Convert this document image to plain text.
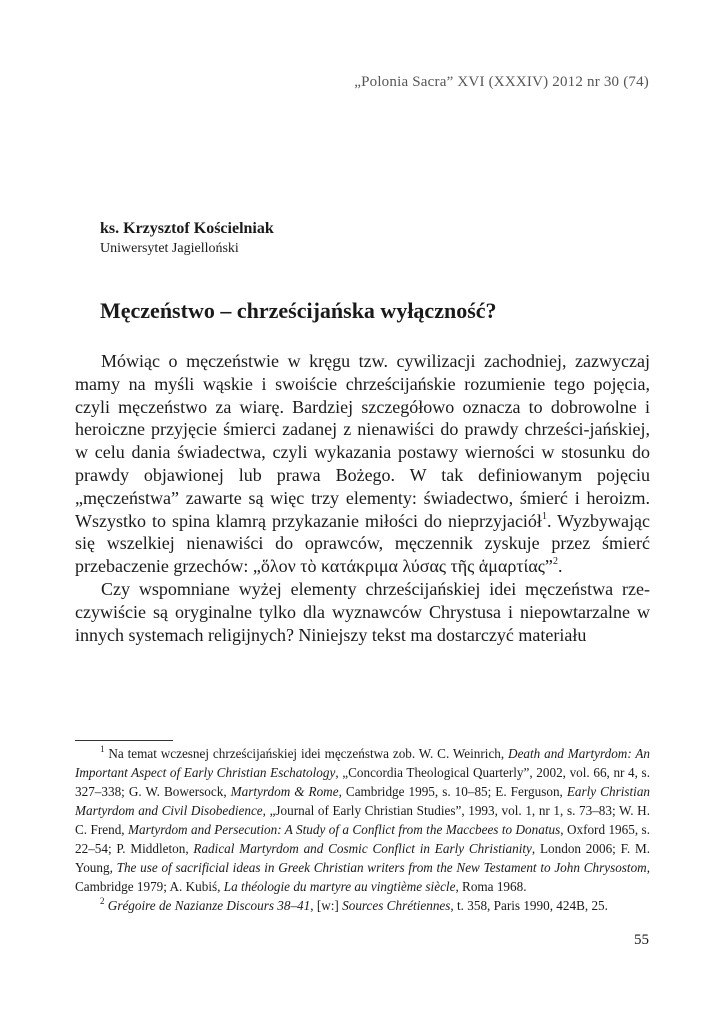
„Polonia Sacra” XVI (XXXIV) 2012 nr 30 (74)
ks. Krzysztof Kościelniak
Uniwersytet Jagielloński
Męczeństwo – chrześcijańska wyłączność?

Mówiąc o męczeństwie w kręgu tzw. cywilizacji zachodniej, zazwyczaj mamy na myśli wąskie i swoiście chrześcijańskie rozumienie tego pojęcia, czyli męczeństwo za wiarę. Bardziej szczegółowo oznacza to dobrowolne i heroiczne przyjęcie śmierci zadanej z nienawiści do prawdy chrześci-jańskiej, w celu dania świadectwa, czyli wykazania postawy wierności w stosunku do prawdy objawionej lub prawa Bożego. W tak definiowanym pojęciu „męczeństwa” zawarte są więc trzy elementy: świadectwo, śmierć i heroizm. Wszystko to spina klamrą przykazanie miłości do nieprzyjaciół$^1$. Wyzbywając się wszelkiej nienawiści do oprawców, męczennik zyskuje przez śmierć przebaczenie grzechów: „ὅλον τὸ κατάκριμα λύσας τῆς ἁμαρτίας”$^2$.

Czy wspomniane wyżej elementy chrześcijańskiej idei męczeństwa rze-czywiście są oryginalne tylko dla wyznawców Chrystusa i niepowtarzalne w innych systemach religijnych? Niniejszy tekst ma dostarczyć materiału

$^1$ Na temat wczesnej chrześcijańskiej idei męczeństwa zob. W. C. Weinrich, Death and Martyrdom: An Important Aspect of Early Christian Eschatology, „Concordia Theological Quarterly”, 2002, vol. 66, nr 4, s. 327–338; G. W. Bowersock, Martyrdom & Rome, Cambridge 1995, s. 10–85; E. Ferguson, Early Christian Martyrdom and Civil Disobedience, „Journal of Early Christian Studies”, 1993, vol. 1, nr 1, s. 73–83; W. H. C. Frend, Martyrdom and Persecution: A Study of a Conflict from the Maccbees to Donatus, Oxford 1965, s. 22–54; P. Middleton, Radical Martyrdom and Cosmic Conflict in Early Christianity, London 2006; F. M. Young, The use of sacrificial ideas in Greek Christian writers from the New Testament to John Chrysostom, Cambridge 1979; A. Kubiś, La théologie du martyre au vingtième siècle, Roma 1968.

$^2$ Grégoire de Nazianze Discours 38–41, [w:] Sources Chrétiennes, t. 358, Paris 1990, 424B, 25.

55
